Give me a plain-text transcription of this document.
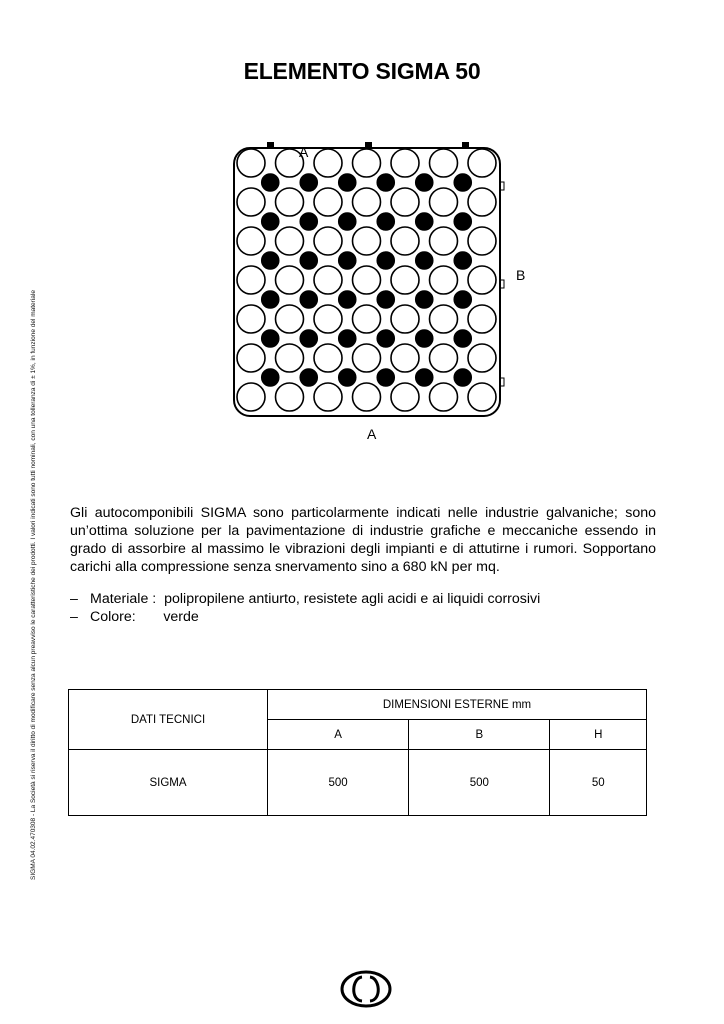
ELEMENTO SIGMA 50
A
B
A
SIGMA 04.02.470308 - La Società si riserva il diritto di modificare senza alcun preavviso le caratteristiche dei prodotti. I valori indicati sono tutti nominali, con una tolleranza di ± 1%, in funzione del materiale Gli autocomponibili SIGMA sono particolarmente indicati nelle industrie galvaniche; sono un’ottima soluzione per la pavimentazione di industrie grafiche e meccaniche essendo in grado di assorbire al massimo le vibrazioni degli impianti e di attutirne i rumori. Sopportano carichi alla compressione senza snervamento sino a 680 kN per mq.

– Materiale : polipropilene antiurto, resistete agli acidi e ai liquidi corrosivi
– Colore: verde
DATI TECNICI	DIMENSIONI ESTERNE mm		
	A	B	H
SIGMA	500	500	50
